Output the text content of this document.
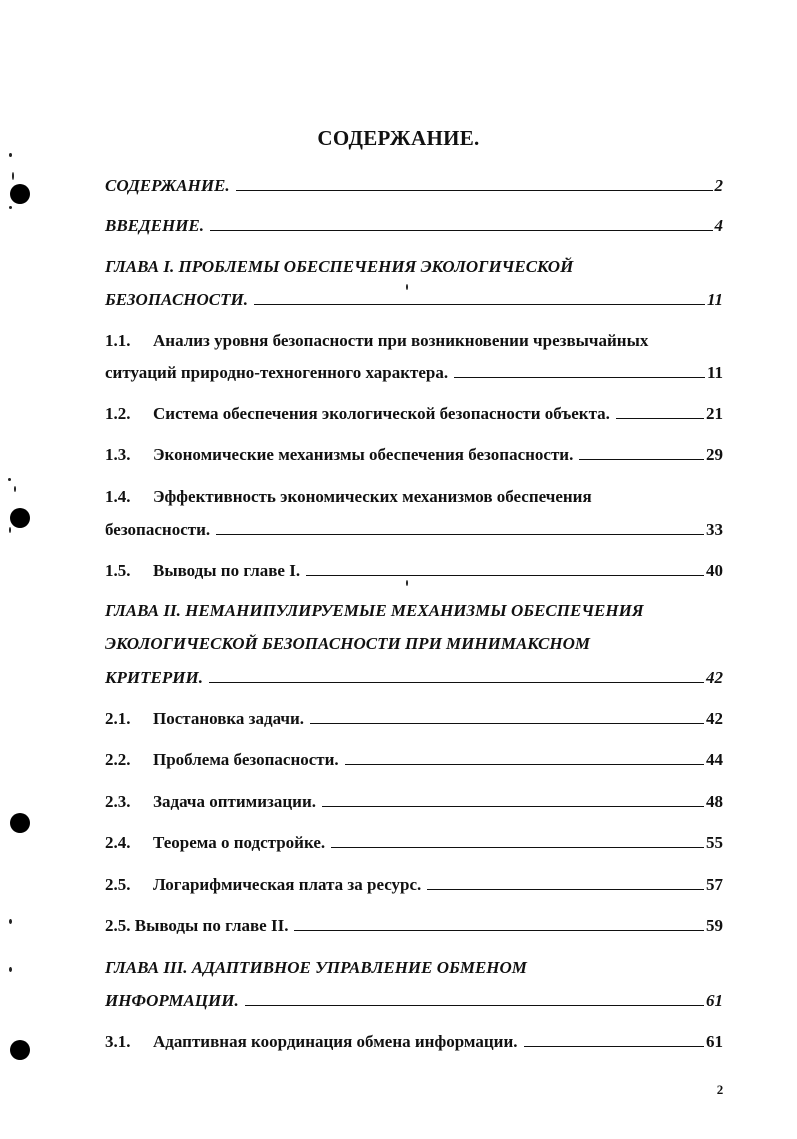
СОДЕРЖАНИЕ.
СОДЕРЖАНИЕ.	2
ВВЕДЕНИЕ.	4
ГЛАВА I. ПРОБЛЕМЫ ОБЕСПЕЧЕНИЯ ЭКОЛОГИЧЕСКОЙ
БЕЗОПАСНОСТИ.	11
1.1.	Анализ уровня безопасности при возникновении чрезвычайных
ситуаций природно-техногенного характера.	11
1.2.	Система обеспечения экологической безопасности объекта.	21
1.3.	Экономические механизмы обеспечения безопасности.	29
1.4.	Эффективность экономических механизмов обеспечения
безопасности.	33
1.5.	Выводы по главе I.	40
ГЛАВА II. НЕМАНИПУЛИРУЕМЫЕ МЕХАНИЗМЫ ОБЕСПЕЧЕНИЯ
ЭКОЛОГИЧЕСКОЙ БЕЗОПАСНОСТИ ПРИ МИНИМАКСНОМ
КРИТЕРИИ.	42
2.1.	Постановка задачи.	42
2.2.	Проблема безопасности.	44
2.3.	Задача оптимизации.	48
2.4.	Теорема о подстройке.	55
2.5.	Логарифмическая плата за ресурс.	57
2.5. Выводы по главе II.	59
ГЛАВА III. АДАПТИВНОЕ УПРАВЛЕНИЕ ОБМЕНОМ
ИНФОРМАЦИИ.	61
3.1.	Адаптивная координация обмена информации.	61
2
